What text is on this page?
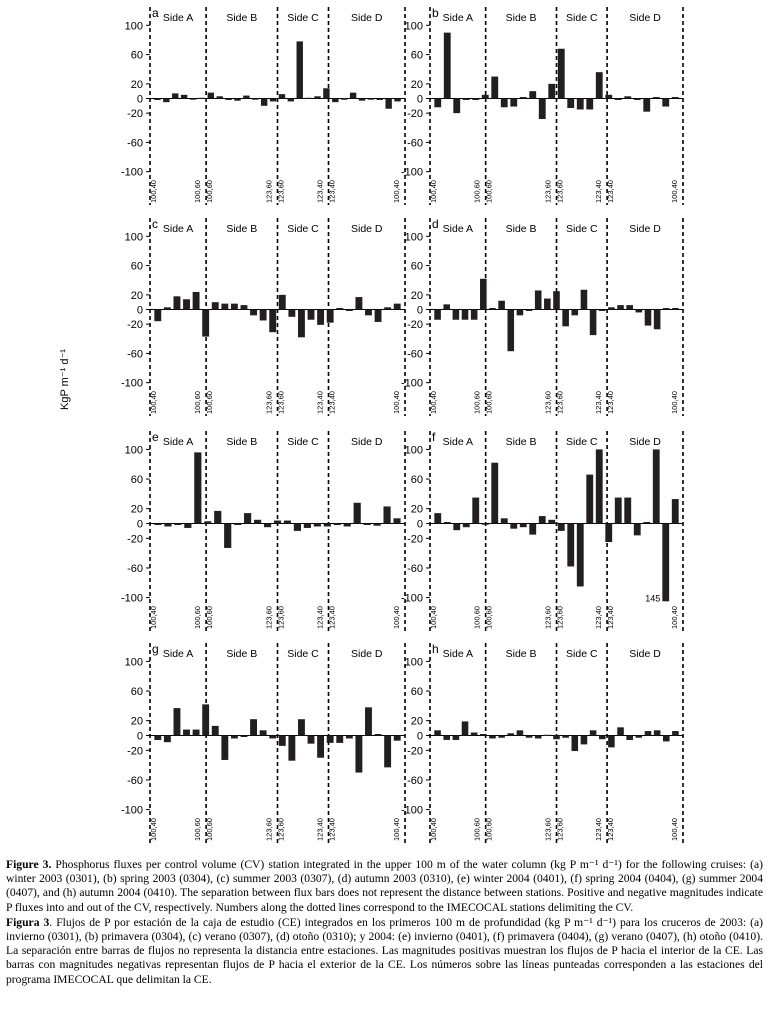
a
100
60
20
0
-20
-60
-100
Side A	Side B	Side C	Side D
100,40	100,60 100,60	123,60 123,60	123,40 123,40	100,40
b
100
60
20
0
-20
-60
-100
Side A	Side B	Side C	Side D
100,40	100,60 100,60	123,60 123,60	123,40 123,40	100,40
c
100
60
20
0
-20
-60
-100
Side A	Side B	Side C	Side D
100,40	100,60 100,60	123,60 123,60	123,40 123,40	100,40
d
100
60
20
0
-20
-60
-100
Side A	Side B	Side C	Side D
100,40	100,60 100,60	123,60 123,60	123,40 123,40	100,40
e
100
60
20
0
-20
-60
-100
Side A	Side B	Side C	Side D
100,40	100,60 100,60	123,60 123,60	123,40 123,40	100,40
f
100
60
20
0
-20
-60
-100
Side A	Side B	Side C	Side D
100,40	100,60 100,60	123,60 123,60	123,40 123,40	100,40
145
g
100
60
20
0
-20
-60
-100
Side A	Side B	Side C	Side D
100,40	100,60 100,60	123,60 123,60	123,40 123,40	100,40
h
100
60
20
0
-20
-60
-100
Side A	Side B	Side C	Side D
100,40	100,60 100,60	123,60 123,60	123,40 123,40	100,40
KgP m⁻¹ d⁻¹

Figure 3. Phosphorus fluxes per control volume (CV) station integrated in the upper 100 m of the water column (kg P m⁻¹ d⁻¹) for the following cruises: (a) winter 2003 (0301), (b) spring 2003 (0304), (c) summer 2003 (0307), (d) autumn 2003 (0310), (e) winter 2004 (0401), (f) spring 2004 (0404), (g) summer 2004 (0407), and (h) autumn 2004 (0410). The separation between flux bars does not represent the distance between stations. Positive and negative magnitudes indicate P fluxes into and out of the CV, respectively. Numbers along the dotted lines correspond to the IMECOCAL stations delimiting the CV.

Figura 3. Flujos de P por estación de la caja de estudio (CE) integrados en los primeros 100 m de profundidad (kg P m⁻¹ d⁻¹) para los cruceros de 2003: (a) invierno (0301), (b) primavera (0304), (c) verano (0307), (d) otoño (0310); y 2004: (e) invierno (0401), (f) primavera (0404), (g) verano (0407), (h) otoño (0410). La separación entre barras de flujos no representa la distancia entre estaciones. Las magnitudes positivas muestran los flujos de P hacia el interior de la CE. Las barras con magnitudes negativas representan flujos de P hacia el exterior de la CE. Los números sobre las líneas punteadas corresponden a las estaciones del programa IMECOCAL que delimitan la CE.
